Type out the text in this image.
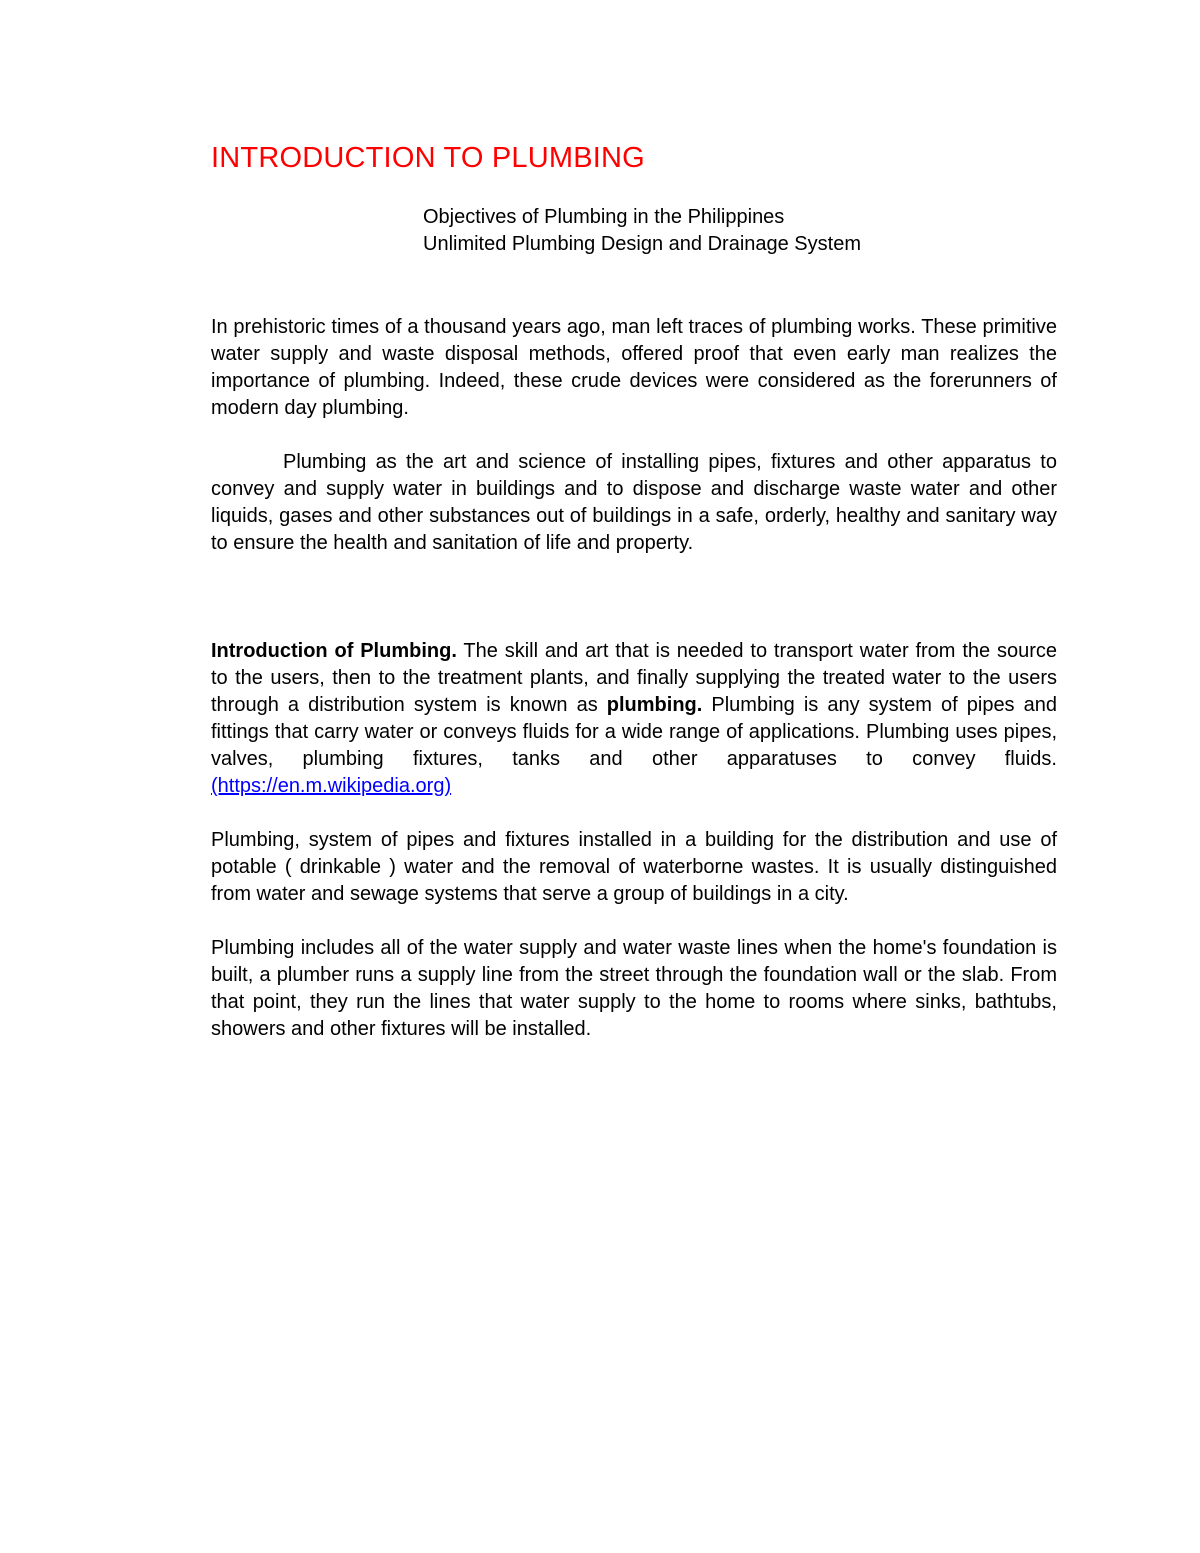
INTRODUCTION TO PLUMBING
Objectives of Plumbing in the Philippines
Unlimited Plumbing Design and Drainage System

In prehistoric times of a thousand years ago, man left traces of plumbing works. These primitive water supply and waste disposal methods, offered proof that even early man realizes the importance of plumbing. Indeed, these crude devices were considered as the forerunners of modern day plumbing.

Plumbing as the art and science of installing pipes, fixtures and other apparatus to convey and supply water in buildings and to dispose and discharge waste water and other liquids, gases and other substances out of buildings in a safe, orderly, healthy and sanitary way to ensure the health and sanitation of life and property.

Introduction of Plumbing. The skill and art that is needed to transport water from the source to the users, then to the treatment plants, and finally supplying the treated water to the users through a distribution system is known as plumbing. Plumbing is any system of pipes and fittings that carry water or conveys fluids for a wide range of applications. Plumbing uses pipes, valves, plumbing fixtures, tanks and other apparatuses to convey fluids. (https://en.m.wikipedia.org)

Plumbing, system of pipes and fixtures installed in a building for the distribution and use of potable ( drinkable ) water and the removal of waterborne wastes. It is usually distinguished from water and sewage systems that serve a group of buildings in a city.

Plumbing includes all of the water supply and water waste lines when the home's foundation is built, a plumber runs a supply line from the street through the foundation wall or the slab. From that point, they run the lines that water supply to the home to rooms where sinks, bathtubs, showers and other fixtures will be installed.
